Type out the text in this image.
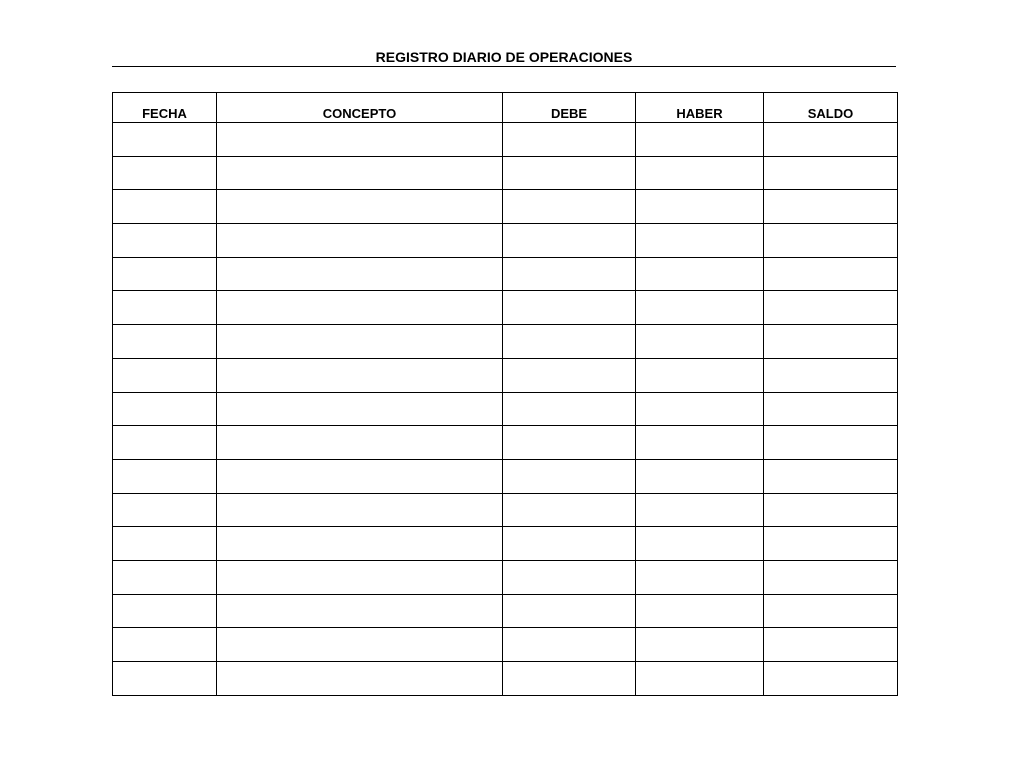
REGISTRO DIARIO DE OPERACIONES
FECHA	CONCEPTO	DEBE	HABER	SALDO
